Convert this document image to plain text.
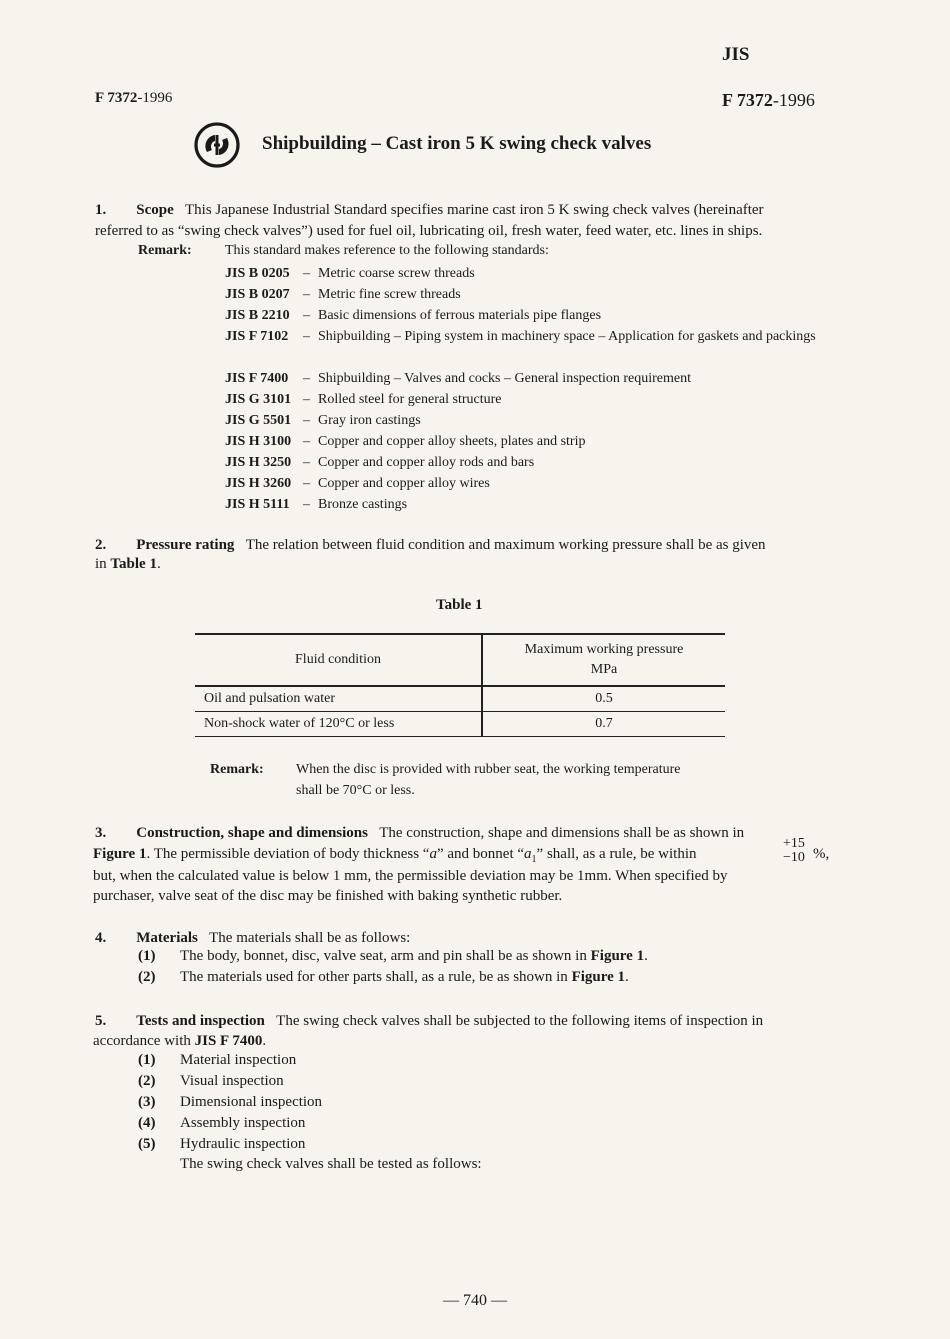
JIS
F 7372-1996	F 7372-1996
Shipbuilding – Cast iron 5 K swing check valves
1. Scope This Japanese Industrial Standard specifies marine cast iron 5 K swing check valves (hereinafter
referred to as “swing check valves”) used for fuel oil, lubricating oil, fresh water, feed water, etc. lines in ships.
Remark: This standard makes reference to the following standards:
JIS B 0205 – Metric coarse screw threads
JIS B 0207 – Metric fine screw threads
JIS B 2210 – Basic dimensions of ferrous materials pipe flanges
JIS F 7102 – Shipbuilding – Piping system in machinery space – Application for gaskets and packings
JIS F 7400 – Shipbuilding – Valves and cocks – General inspection requirement
JIS G 3101 – Rolled steel for general structure
JIS G 5501 – Gray iron castings
JIS H 3100 – Copper and copper alloy sheets, plates and strip
JIS H 3250 – Copper and copper alloy rods and bars
JIS H 3260 – Copper and copper alloy wires
JIS H 5111 – Bronze castings
2. Pressure rating The relation between fluid condition and maximum working pressure shall be as given
in Table 1.
Table 1
Fluid condition	Maximum working pressure
MPa

Oil and pulsation water	0.5
Non-shock water of 120°C or less	0.7
Remark: When the disc is provided with rubber seat, the working temperature
shall be 70°C or less.
3. Construction, shape and dimensions The construction, shape and dimensions shall be as shown in
Figure 1. The permissible deviation of body thickness “a” and bonnet “$a_1$” shall, as a rule, be within
+15
−10 %,
but, when the calculated value is below 1 mm, the permissible deviation may be 1mm. When specified by
purchaser, valve seat of the disc may be finished with baking synthetic rubber.
4. Materials The materials shall be as follows:
(1) The body, bonnet, disc, valve seat, arm and pin shall be as shown in Figure 1.
(2) The materials used for other parts shall, as a rule, be as shown in Figure 1.
5. Tests and inspection The swing check valves shall be subjected to the following items of inspection in
accordance with JIS F 7400.
(1) Material inspection
(2) Visual inspection
(3) Dimensional inspection
(4) Assembly inspection
(5) Hydraulic inspection
The swing check valves shall be tested as follows:
— 740 —
